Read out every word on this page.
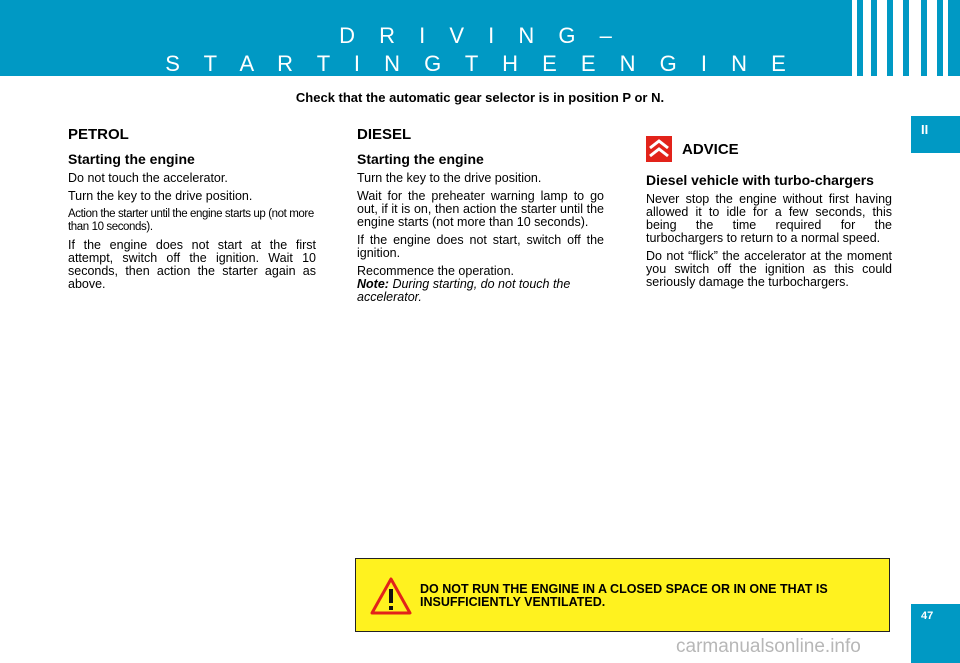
D R I V I N G –
S T A R T I N G T H E E N G I N E
Check that the automatic gear selector is in position P or N.
II
PETROL
Starting the engine

Do not touch the accelerator.

Turn the key to the drive position.

Action the starter until the engine starts up (not more than 10 seconds).

If the engine does not start at the first attempt, switch off the ignition. Wait 10 seconds, then action the starter again as above.

DIESEL
Starting the engine

Turn the key to the drive position.

Wait for the preheater warning lamp to go out, if it is on, then action the starter until the engine starts (not more than 10 seconds).

If the engine does not start, switch off the ignition.

Recommence the operation.

Note: During starting, do not touch the accelerator.

ADVICE
Diesel vehicle with turbo-chargers

Never stop the engine without first having allowed it to idle for a few seconds, this being the time required for the turbochargers to return to a normal speed.

Do not “flick” the accelerator at the moment you switch off the ignition as this could seriously damage the turbochargers.

DO NOT RUN THE ENGINE IN A CLOSED SPACE OR IN ONE THAT IS INSUFFICIENTLY VENTILATED.

47
carmanualsonline.info
